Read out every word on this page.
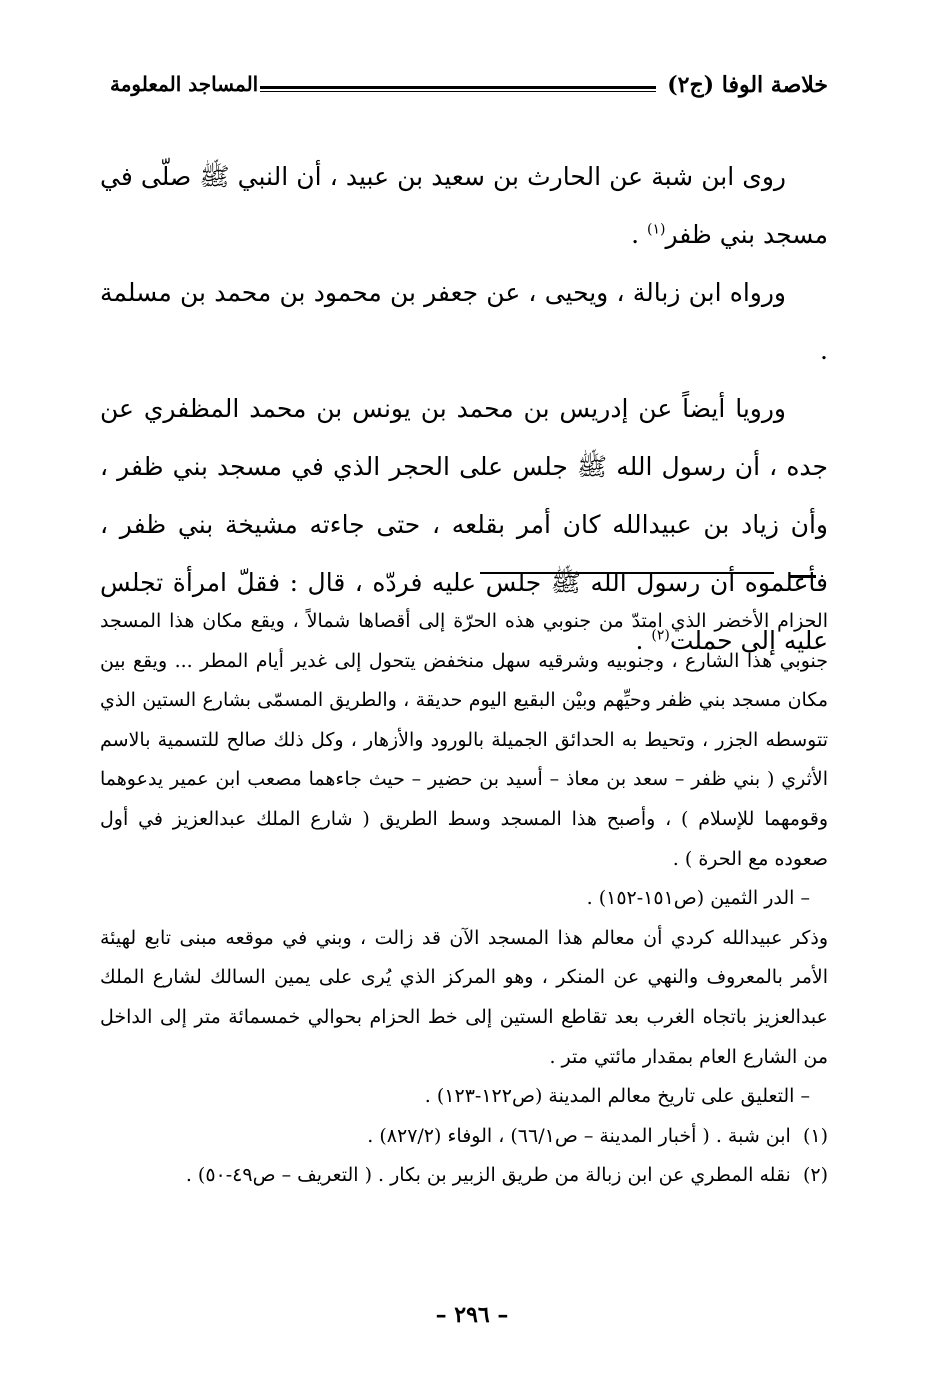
خلاصة الوفا (ج٢)
المساجد المعلومة

روى ابن شبة عن الحارث بن سعيد بن عبيد ، أن النبي ﷺ صلّى في مسجد بني ظفر$^{(١)}$ .

ورواه ابن زبالة ، ويحيى ، عن جعفر بن محمود بن محمد بن مسلمة .

ورويا أيضاً عن إدريس بن محمد بن يونس بن محمد المظفري عن جده ، أن رسول الله ﷺ جلس على الحجر الذي في مسجد بني ظفر ، وأن زياد بن عبيدالله كان أمر بقلعه ، حتى جاءته مشيخة بني ظفر ، فأعلموه أن رسول الله ﷺ جلس عليه فردّه ، قال : فقلّ امرأة تجلس عليه إلى حملت$^{(٢)}$ .

الحزام الأخضر الذي امتدّ من جنوبي هذه الحرّة إلى أقصاها شمالاً ، ويقع مكان هذا المسجد جنوبي هذا الشارع ، وجنوبيه وشرقيه سهل منخفض يتحول إلى غدير أيام المطر ... ويقع بين مكان مسجد بني ظفر وحيِّهم وبيْن البقيع اليوم حديقة ، والطريق المسمّى بشارع الستين الذي تتوسطه الجزر ، وتحيط به الحدائق الجميلة بالورود والأزهار ، وكل ذلك صالح للتسمية بالاسم الأثري ( بني ظفر – سعد بن معاذ – أسيد بن حضير – حيث جاءهما مصعب ابن عمير يدعوهما وقومهما للإسلام ) ، وأصبح هذا المسجد وسط الطريق ( شارع الملك عبدالعزيز في أول صعوده مع الحرة ) .

– الدر الثمين (ص١٥١-١٥٢) .

وذكر عبيدالله كردي أن معالم هذا المسجد الآن قد زالت ، وبني في موقعه مبنى تابع لهيئة الأمر بالمعروف والنهي عن المنكر ، وهو المركز الذي يُرى على يمين السالك لشارع الملك عبدالعزيز باتجاه الغرب بعد تقاطع الستين إلى خط الحزام بحوالي خمسمائة متر إلى الداخل من الشارع العام بمقدار مائتي متر .

– التعليق على تاريخ معالم المدينة (ص١٢٢-١٢٣) .

(١)  ابن شبة . ( أخبار المدينة – ص٦٦/١) ، الوفاء (٨٢٧/٢) .

(٢)  نقله المطري عن ابن زبالة من طريق الزبير بن بكار . ( التعريف – ص٤٩-٥٠) .

– ٢٩٦ –
